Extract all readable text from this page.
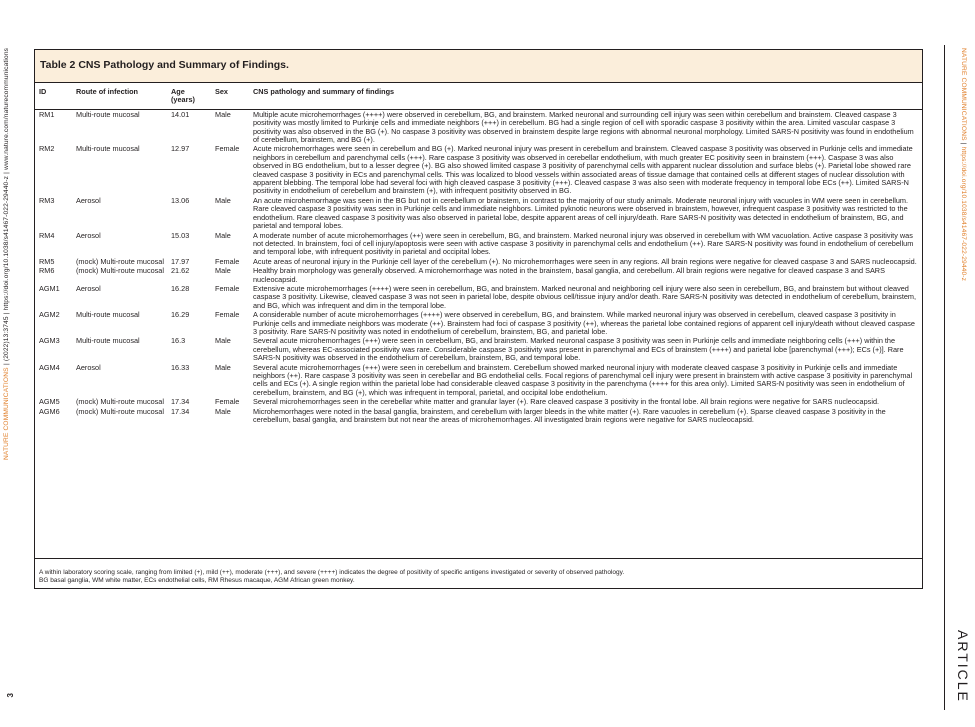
NATURE COMMUNICATIONS

| (2022)13:3745 | https://doi.org/10.1038/s41467-022-29440-z | www.nature.com/naturecommunications	NATURE COMMUNICATIONS | https://doi.org/10.1038/s41467-022-29440-z
3	ARTICLE
Table 2 CNS Pathology and Summary of Findings.
ID	Route of infection	Age (years)	Sex	CNS pathology and summary of findings
RM1	Multi-route mucosal	14.01	Male	Multiple acute microhemorrhages (++++) were observed in cerebellum, BG, and brainstem. Marked neuronal and surrounding cell injury was seen within cerebellum and brainstem. Cleaved caspase 3 positivity was mostly limited to Purkinje cells and immediate neighbors (+++) in cerebellum. BG had a single region of cell with sporadic caspase 3 positivity within the area. Limited vascular caspase 3 positivity was also observed in the BG (+). No caspase 3 positivity was observed in brainstem despite large regions with abnormal neuronal morphology. Limited SARS-N positivity was found in endothelium of cerebellum, brainstem, and BG (+).
RM2	Multi-route mucosal	12.97	Female	Acute microhemorrhages were seen in cerebellum and BG (+). Marked neuronal injury was present in cerebellum and brainstem. Cleaved caspase 3 positivity was observed in Purkinje cells and immediate neighbors in cerebellum and parenchymal cells (+++). Rare caspase 3 positivity was observed in cerebellar endothelium, with much greater EC positivity seen in brainstem (+++). Caspase 3 was also observed in BG endothelium, but to a lesser degree (+). BG also showed limited caspase 3 positivity of parenchymal cells with apparent nuclear dissolution and surface blebs (+). Parietal lobe showed rare cleaved caspase 3 positivity in ECs and parenchymal cells. This was localized to blood vessels within associated areas of tissue damage that contained cells at different stages of nuclear dissolution with apparent blebbing. The temporal lobe had several foci with high cleaved caspase 3 positivity (+++). Cleaved caspase 3 was also seen with moderate frequency in temporal lobe ECs (++). Limited SARS-N positivity in endothelium of cerebellum and brainstem (+), with infrequent positivity observed in BG.
RM3	Aerosol	13.06	Male	An acute microhemorrhage was seen in the BG but not in cerebellum or brainstem, in contrast to the majority of our study animals. Moderate neuronal injury with vacuoles in WM were seen in cerebellum. Rare cleaved caspase 3 positivity was seen in Purkinje cells and immediate neighbors. Limited pyknotic neurons were observed in brainstem, however, infrequent caspase 3 positivity was restricted to the endothelium. Rare cleaved caspase 3 positivity was also observed in parietal lobe, despite apparent areas of cell injury/death. Rare SARS-N positivity was detected in endothelium of brainstem, BG, and parietal and temporal lobes.
RM4	Aerosol	15.03	Male	A moderate number of acute microhemorrhages (++) were seen in cerebellum, BG, and brainstem. Marked neuronal injury was observed in cerebellum with WM vacuolation. Active caspase 3 positivity was not detected. In brainstem, foci of cell injury/apoptosis were seen with active caspase 3 positivity in parenchymal cells and endothelium (++). Rare SARS-N positivity was found in endothelium of cerebellum and temporal lobe, with infrequent positivity in parietal and occipital lobes.
RM5	(mock) Multi-route mucosal	17.97	Female	Acute areas of neuronal injury in the Purkinje cell layer of the cerebellum (+). No microhemorrhages were seen in any regions. All brain regions were negative for cleaved caspase 3 and SARS nucleocapsid.
RM6	(mock) Multi-route mucosal	21.62	Male	Healthy brain morphology was generally observed. A microhemorrhage was noted in the brainstem, basal ganglia, and cerebellum. All brain regions were negative for cleaved caspase 3 and SARS nucleocapsid.
AGM1	Aerosol	16.28	Female	Extensive acute microhemorrhages (++++) were seen in cerebellum, BG, and brainstem. Marked neuronal and neighboring cell injury were also seen in cerebellum, BG, and brainstem but without cleaved caspase 3 positivity. Likewise, cleaved caspase 3 was not seen in parietal lobe, despite obvious cell/tissue injury and/or death. Rare SARS-N positivity was detected in endothelium of cerebellum, brainstem, and BG, which was infrequent and dim in the temporal lobe.
AGM2	Multi-route mucosal	16.29	Female	A considerable number of acute microhemorrhages (++++) were observed in cerebellum, BG, and brainstem. While marked neuronal injury was observed in cerebellum, cleaved caspase 3 positivity in Purkinje cells and immediate neighbors was moderate (++). Brainstem had foci of caspase 3 positivity (++), whereas the parietal lobe contained regions of apparent cell injury/death without cleaved caspase 3 positivity. Rare SARS-N positivity was noted in endothelium of cerebellum, brainstem, BG, and parietal lobe.
AGM3	Multi-route mucosal	16.3	Male	Several acute microhemorrhages (+++) were seen in cerebellum, BG, and brainstem. Marked neuronal caspase 3 positivity was seen in Purkinje cells and immediate neighboring cells (+++) within the cerebellum, whereas EC-associated positivity was rare. Considerable caspase 3 positivity was present in parenchymal and ECs of brainstem (++++) and parietal lobe [parenchymal (+++); ECs (+)]. Rare SARS-N positivity was observed in the endothelium of cerebellum, brainstem, BG, and temporal lobe.
AGM4	Aerosol	16.33	Male	Several acute microhemorrhages (+++) were seen in cerebellum and brainstem. Cerebellum showed marked neuronal injury with moderate cleaved caspase 3 positivity in Purkinje cells and immediate neighbors (++). Rare caspase 3 positivity was seen in cerebellar and BG endothelial cells. Focal regions of parenchymal cell injury were present in brainstem with active caspase 3 positivity in parenchymal cells and ECs (+). A single region within the parietal lobe had considerable cleaved caspase 3 positivity in the parenchyma (++++ for this area only). Limited SARS-N positivity was seen in endothelium of cerebellum, brainstem, and BG (+), which was infrequent in temporal, parietal, and occipital lobe endothelium.
AGM5	(mock) Multi-route mucosal	17.34	Female	Several microhemorrhages seen in the cerebellar white matter and granular layer (+). Rare cleaved caspase 3 positivity in the frontal lobe. All brain regions were negative for SARS nucleocapsid.
AGM6	(mock) Multi-route mucosal	17.34	Male	Microhemorrhages were noted in the basal ganglia, brainstem, and cerebellum with larger bleeds in the white matter (+). Rare vacuoles in cerebellum (+). Sparse cleaved caspase 3 positivity in the cerebellum, basal ganglia, and brainstem but not near the areas of microhemorrhages. All investigated brain regions were negative for SARS nucleocapsid.
A within laboratory scoring scale, ranging from limited (+), mild (++), moderate (+++), and severe (++++) indicates the degree of positivity of specific antigens investigated or severity of observed pathology.
BG basal ganglia, WM white matter, ECs endothelial cells, RM Rhesus macaque, AGM African green monkey.
